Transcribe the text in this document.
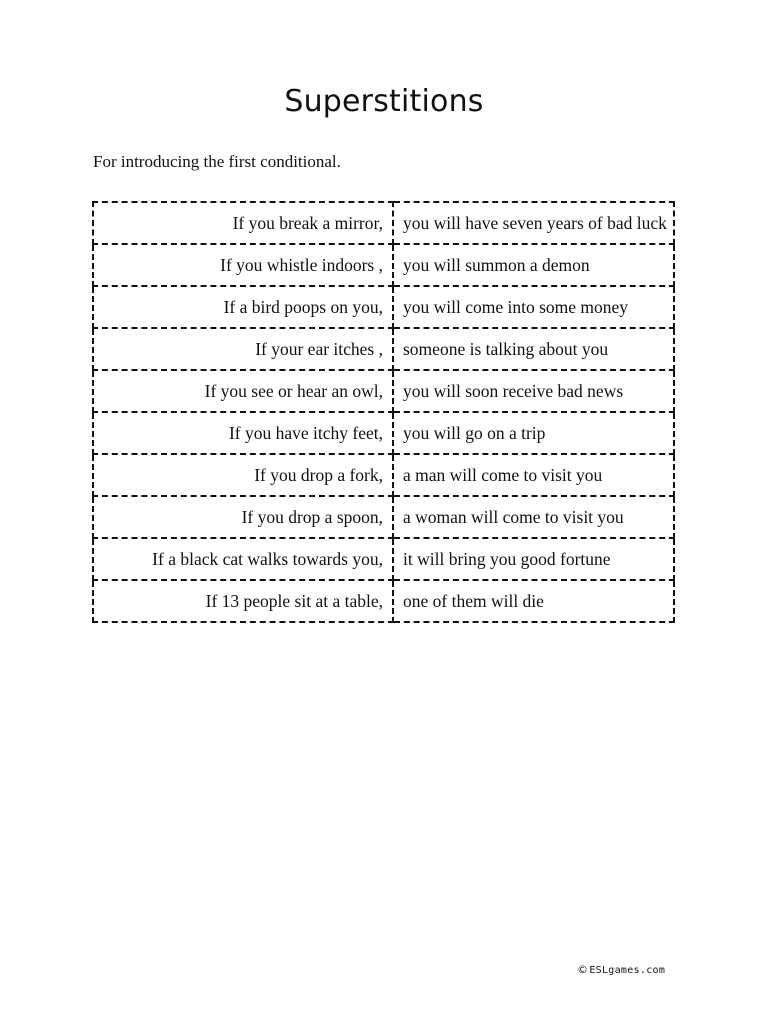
Superstitions

For introducing the first conditional.

If you break a mirror,	you will have seven years of bad luck
If you whistle indoors ,	you will summon a demon
If a bird poops on you,	you will come into some money
If your ear itches ,	someone is talking about you
If you see or hear an owl,	you will soon receive bad news
If you have itchy feet,	you will go on a trip
If you drop a fork,	a man will come to visit you
If you drop a spoon,	a woman will come to visit you
If a black cat walks towards you,	it will bring you good fortune
If 13 people sit at a table,	one of them will die
©ESLgames.com
